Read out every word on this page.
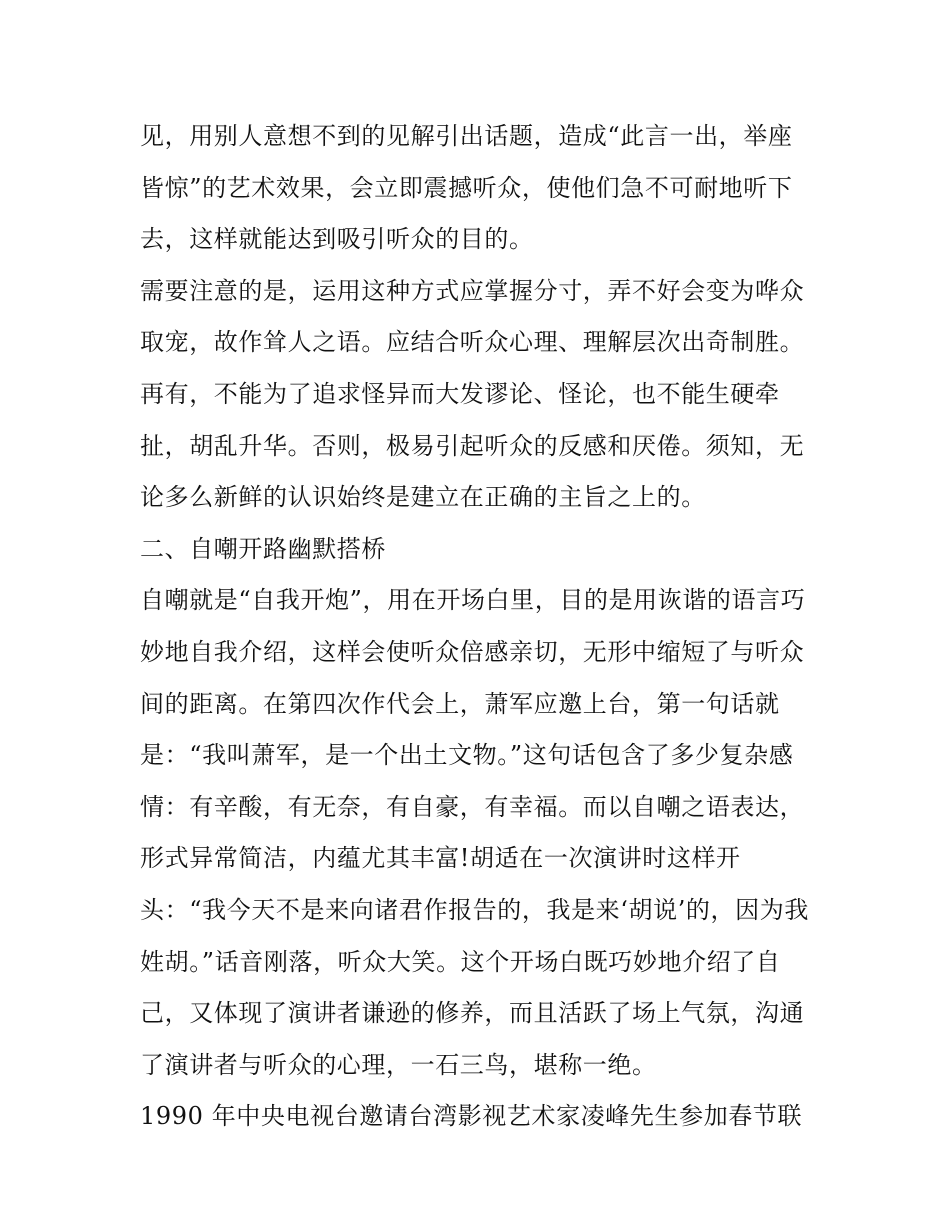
见，用别人意想不到的见解引出话题，造成“此言一出，举座
皆惊”的艺术效果，会立即震撼听众，使他们急不可耐地听下
去，这样就能达到吸引听众的目的。
需要注意的是，运用这种方式应掌握分寸，弄不好会变为哗众
取宠，故作耸人之语。应结合听众心理、理解层次出奇制胜。
再有，不能为了追求怪异而大发谬论、怪论，也不能生硬牵
扯，胡乱升华。否则，极易引起听众的反感和厌倦。须知，无
论多么新鲜的认识始终是建立在正确的主旨之上的。
二、自嘲开路幽默搭桥
自嘲就是“自我开炮”，用在开场白里，目的是用诙谐的语言巧
妙地自我介绍，这样会使听众倍感亲切，无形中缩短了与听众
间的距离。在第四次作代会上，萧军应邀上台，第一句话就
是：“我叫萧军，是一个出土文物。”这句话包含了多少复杂感
情：有辛酸，有无奈，有自豪，有幸福。而以自嘲之语表达，
形式异常简洁，内蕴尤其丰富!胡适在一次演讲时这样开
头：“我今天不是来向诸君作报告的，我是来‘胡说’的，因为我
姓胡。”话音刚落，听众大笑。这个开场白既巧妙地介绍了自
己，又体现了演讲者谦逊的修养，而且活跃了场上气氛，沟通
了演讲者与听众的心理，一石三鸟，堪称一绝。
1990 年中央电视台邀请台湾影视艺术家凌峰先生参加春节联
